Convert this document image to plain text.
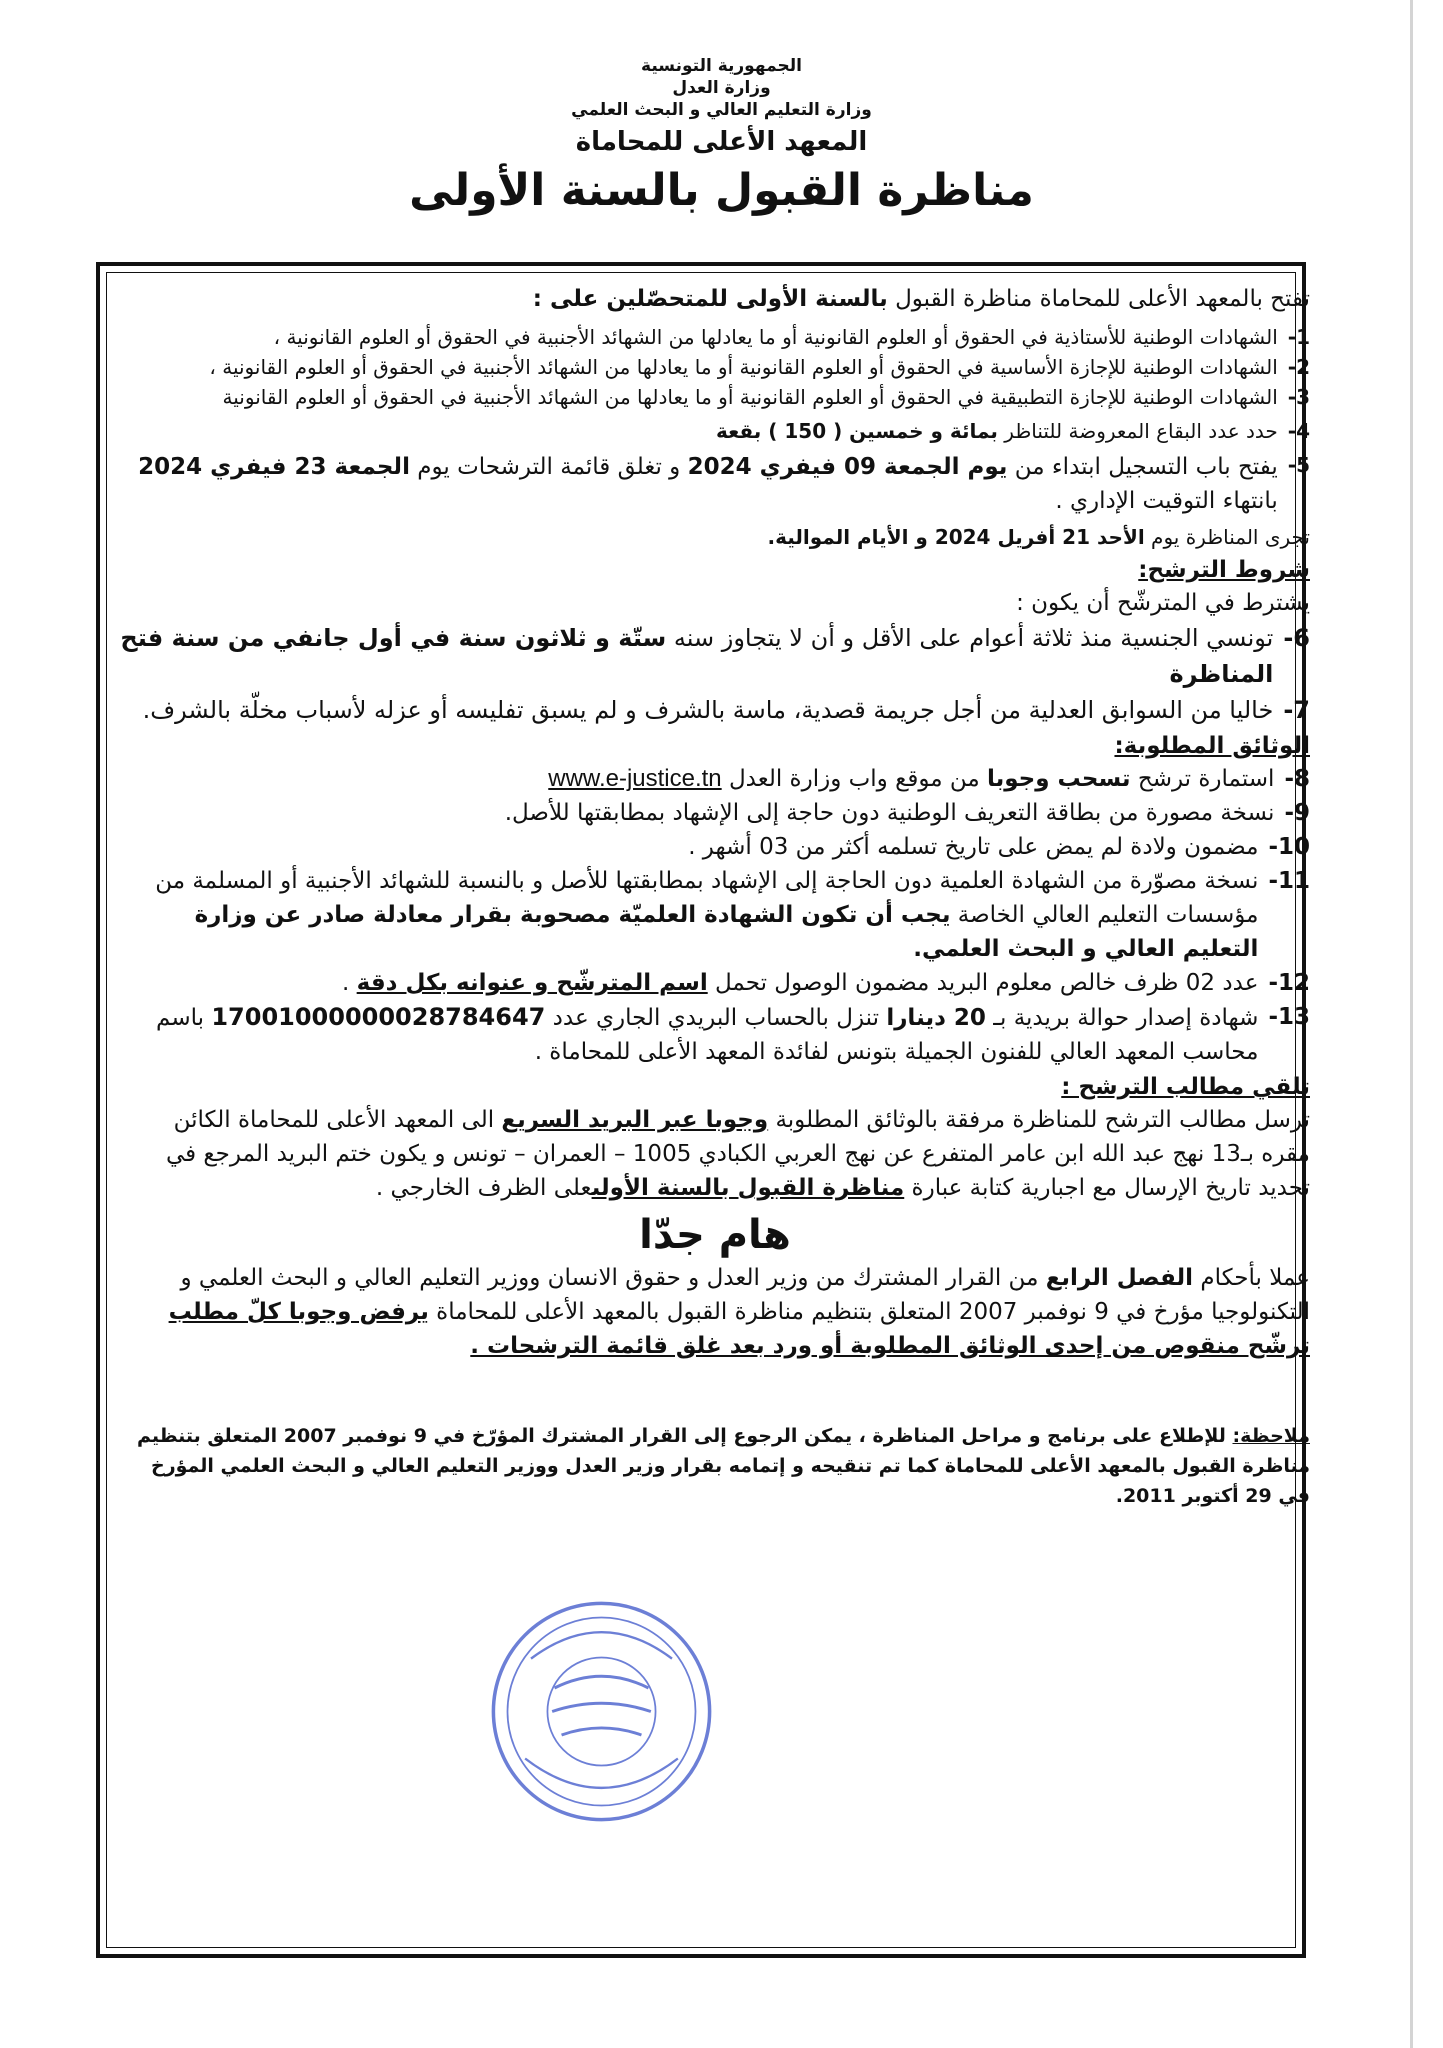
الجمهورية التونسية
وزارة العدل
وزارة التعليم العالي و البحث العلمي
المعهد الأعلى للمحاماة
مناظرة القبول بالسنة الأولى

تفتح بالمعهد الأعلى للمحاماة مناظرة القبول بالسنة الأولى للمتحصّلين على :

1-
الشهادات الوطنية للأستاذية في الحقوق أو العلوم القانونية أو ما يعادلها من الشهائد الأجنبية في الحقوق أو العلوم القانونية ،
2-
الشهادات الوطنية للإجازة الأساسية في الحقوق أو العلوم القانونية أو ما يعادلها من الشهائد الأجنبية في الحقوق أو العلوم القانونية ،
3-
الشهادات الوطنية للإجازة التطبيقية في الحقوق أو العلوم القانونية أو ما يعادلها من الشهائد الأجنبية في الحقوق أو العلوم القانونية
4-
حدد عدد البقاع المعروضة للتناظر بمائة و خمسين ( 150 ) بقعة
5-
يفتح باب التسجيل ابتداء من يوم الجمعة 09 فيفري 2024 و تغلق قائمة الترشحات يوم الجمعة 23 فيفري 2024 بانتهاء التوقيت الإداري .

تجرى المناظرة يوم الأحد 21 أفريل 2024 و الأيام الموالية.

شروط الترشح:

يشترط في المترشّح أن يكون :

6-
تونسي الجنسية منذ ثلاثة أعوام على الأقل و أن لا يتجاوز سنه ستّة و ثلاثون سنة في أول جانفي من سنة فتح المناظرة
7-
خاليا من السوابق العدلية من أجل جريمة قصدية، ماسة بالشرف و لم يسبق تفليسه أو عزله لأسباب مخلّة بالشرف.

الوثائق المطلوبة:

8-
استمارة ترشح تسحب وجوبا من موقع واب وزارة العدل www.e-justice.tn
9-
نسخة مصورة من بطاقة التعريف الوطنية دون حاجة إلى الإشهاد بمطابقتها للأصل.
10-
مضمون ولادة لم يمض على تاريخ تسلمه أكثر من 03 أشهر .
11-
نسخة مصوّرة من الشهادة العلمية دون الحاجة إلى الإشهاد بمطابقتها للأصل و بالنسبة للشهائد الأجنبية أو المسلمة من مؤسسات التعليم العالي الخاصة يجب أن تكون الشهادة العلميّة مصحوبة بقرار معادلة صادر عن وزارة التعليم العالي و البحث العلمي.
12-
عدد 02 ظرف خالص معلوم البريد مضمون الوصول تحمل اسم المترشّح و عنوانه بكل دقة .
13-
شهادة إصدار حوالة بريدية بـ 20 دينارا تنزل بالحساب البريدي الجاري عدد 17001000000028784647 باسم محاسب المعهد العالي للفنون الجميلة بتونس لفائدة المعهد الأعلى للمحاماة .

تلقي مطالب الترشح :

ترسل مطالب الترشح للمناظرة مرفقة بالوثائق المطلوبة وجوبا عبر البريد السريع الى المعهد الأعلى للمحاماة الكائن مقره بـ13 نهج عبد الله ابن عامر المتفرع عن نهج العربي الكبادي 1005 – العمران – تونس و يكون ختم البريد المرجع في تحديد تاريخ الإرسال مع اجبارية كتابة عبارة مناظرة القبول بالسنة الأولىعلى الظرف الخارجي .

هام جدّا

عملا بأحكام الفصل الرابع من القرار المشترك من وزير العدل و حقوق الانسان ووزير التعليم العالي و البحث العلمي و التكنولوجيا مؤرخ في 9 نوفمبر 2007 المتعلق بتنظيم مناظرة القبول بالمعهد الأعلى للمحاماة يرفض وجوبا كلّ مطلب ترشّح منقوص من إحدى الوثائق المطلوبة أو ورد بعد غلق قائمة الترشحات .

ملاحظة: للإطلاع على برنامج و مراحل المناظرة ، يمكن الرجوع إلى القرار المشترك المؤرّخ في 9 نوفمبر 2007 المتعلق بتنظيم مناظرة القبول بالمعهد الأعلى للمحاماة كما تم تنقيحه و إتمامه بقرار وزير العدل ووزير التعليم العالي و البحث العلمي المؤرخ في 29 أكتوبر 2011.
